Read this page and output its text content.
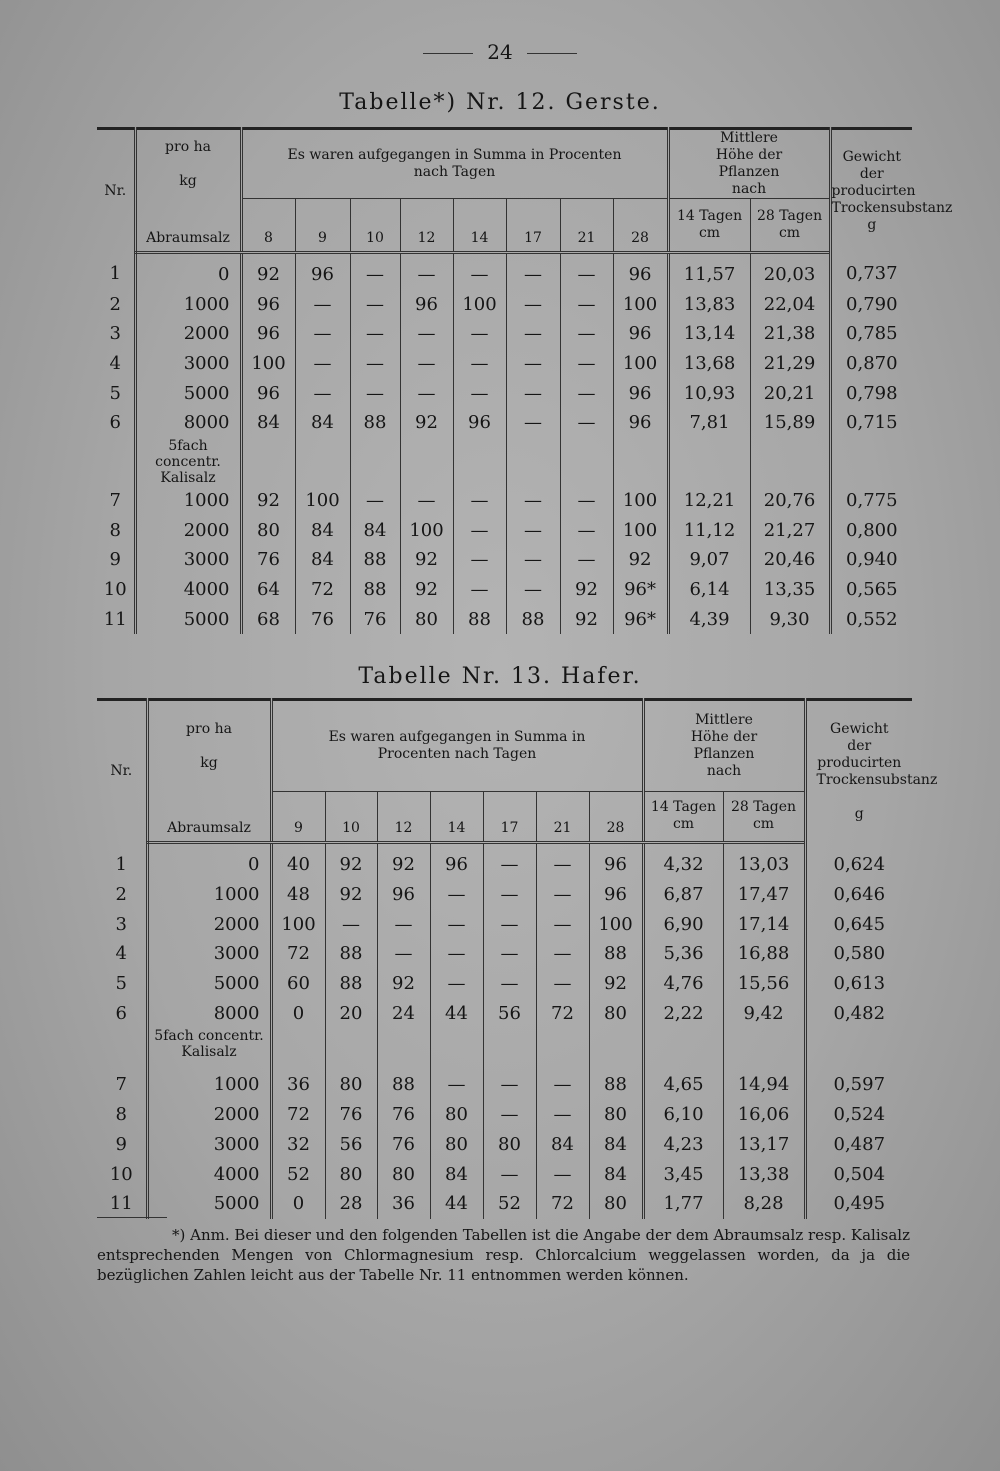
24
Tabelle*) Nr. 12. Gerste.
Nr.	pro ha

kg	Es waren aufgegangen in Summa in Procenten nach Tagen								Mittlere Höhe der Pflanzen nach		Gewicht der producirten Trockensubstanz
g
	Abraumsalz	8	9	10	12	14	17	21	28	14 Tagen
cm	28 Tagen
cm	
1	0	92	96	—	—	—	—	—	96	11,57	20,03	0,737
2	1000	96	—	—	96	100	—	—	100	13,83	22,04	0,790
3	2000	96	—	—	—	—	—	—	96	13,14	21,38	0,785
4	3000	100	—	—	—	—	—	—	100	13,68	21,29	0,870
5	5000	96	—	—	—	—	—	—	96	10,93	20,21	0,798
6	8000	84	84	88	92	96	—	—	96	7,81	15,89	0,715
	5fach concentr. Kalisalz											
7	1000	92	100	—	—	—	—	—	100	12,21	20,76	0,775
8	2000	80	84	84	100	—	—	—	100	11,12	21,27	0,800
9	3000	76	84	88	92	—	—	—	92	9,07	20,46	0,940
10	4000	64	72	88	92	—	—	92	96*	6,14	13,35	0,565
11	5000	68	76	76	80	88	88	92	96*	4,39	9,30	0,552
Tabelle Nr. 13. Hafer.
Nr.	pro ha

kg	Es waren aufgegangen in Summa in Procenten nach Tagen							Mittlere Höhe der Pflanzen nach		Gewicht der producirten Trockensubstanz

g
	Abraumsalz	9	10	12	14	17	21	28	14 Tagen
cm	28 Tagen
cm	
1	0	40	92	92	96	—	—	96	4,32	13,03	0,624
2	1000	48	92	96	—	—	—	96	6,87	17,47	0,646
3	2000	100	—	—	—	—	—	100	6,90	17,14	0,645
4	3000	72	88	—	—	—	—	88	5,36	16,88	0,580
5	5000	60	88	92	—	—	—	92	4,76	15,56	0,613
6	8000	0	20	24	44	56	72	80	2,22	9,42	0,482
	5fach concentr. Kalisalz										
7	1000	36	80	88	—	—	—	88	4,65	14,94	0,597
8	2000	72	76	76	80	—	—	80	6,10	16,06	0,524
9	3000	32	56	76	80	80	84	84	4,23	13,17	0,487
10	4000	52	80	80	84	—	—	84	3,45	13,38	0,504
11	5000	0	28	36	44	52	72	80	1,77	8,28	0,495

*) Anm. Bei dieser und den folgenden Tabellen ist die Angabe der dem Abraumsalz resp. Kalisalz entsprechenden Mengen von Chlormagnesium resp. Chlorcalcium weggelassen worden, da ja die bezüglichen Zahlen leicht aus der Tabelle Nr. 11 entnommen werden können.
